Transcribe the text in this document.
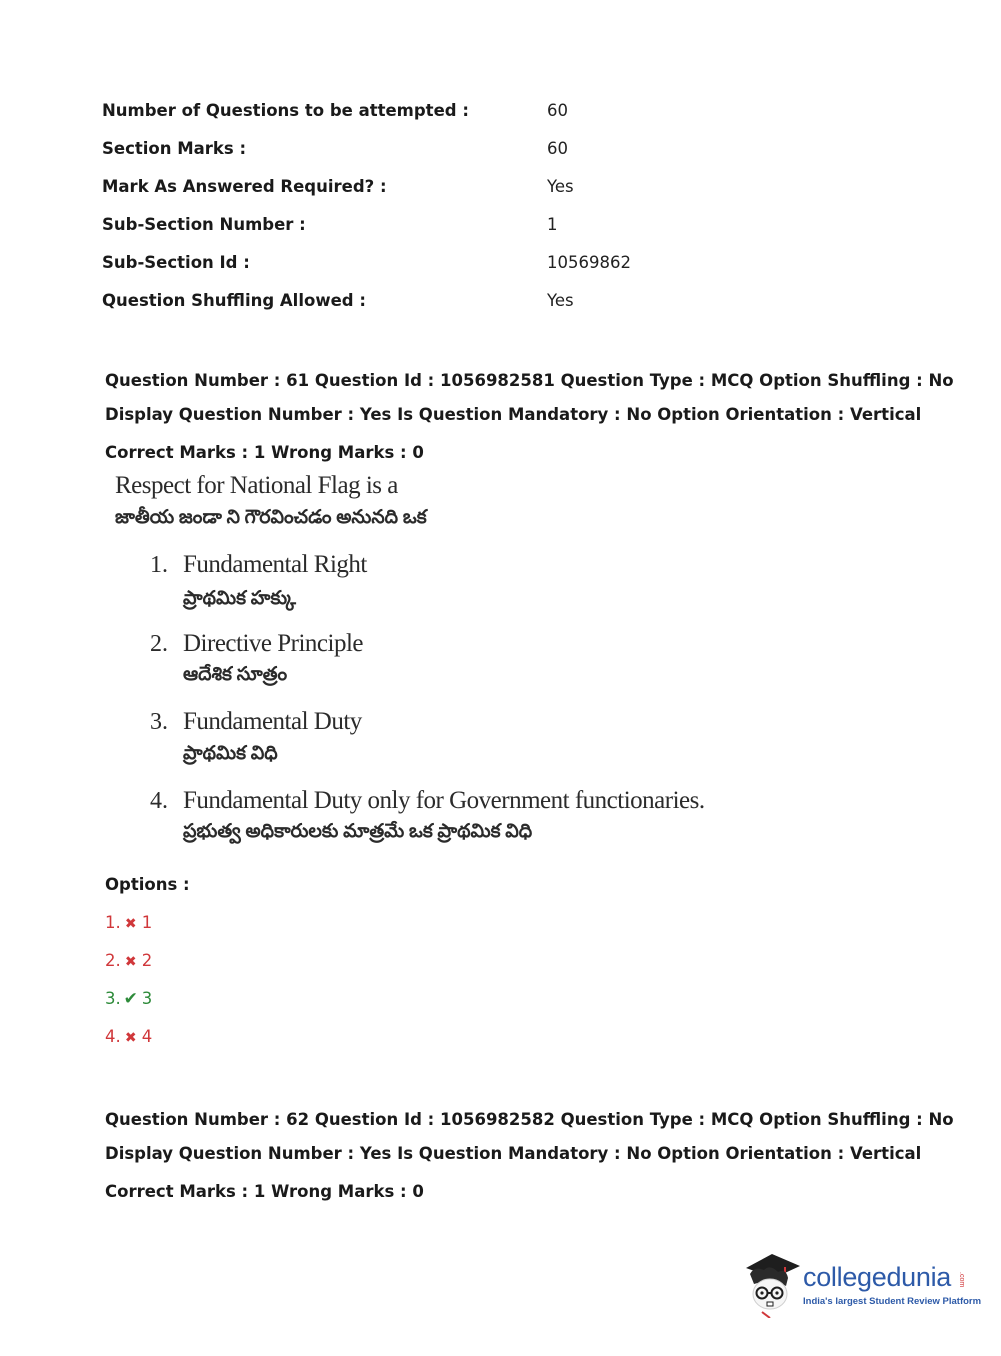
Number of Questions to be attempted :	60
Section Marks :	60
Mark As Answered Required? :	Yes
Sub-Section Number :	1
Sub-Section Id :	10569862
Question Shuffling Allowed :	Yes
Question Number : 61 Question Id : 1056982581 Question Type : MCQ Option Shuffling : No
Display Question Number : Yes Is Question Mandatory : No Option Orientation : Vertical
Correct Marks : 1 Wrong Marks : 0
Respect for National Flag is a
జాతీయ జండా ని గౌరవించడం అనునది ఒక
1. Fundamental Right
ప్రాథమిక హక్కు
2. Directive Principle
ఆదేశిక సూత్రం
3. Fundamental Duty
ప్రాథమిక విధి
4. Fundamental Duty only for Government functionaries.
ప్రభుత్వ అధికారులకు మాత్రమే ఒక ప్రాథమిక విధి
Options :
1. ✖ 1
2. ✖ 2
3. ✔ 3
4. ✖ 4
Question Number : 62 Question Id : 1056982582 Question Type : MCQ Option Shuffling : No
Display Question Number : Yes Is Question Mandatory : No Option Orientation : Vertical
Correct Marks : 1 Wrong Marks : 0
collegedunia .com
India's largest Student Review Platform
